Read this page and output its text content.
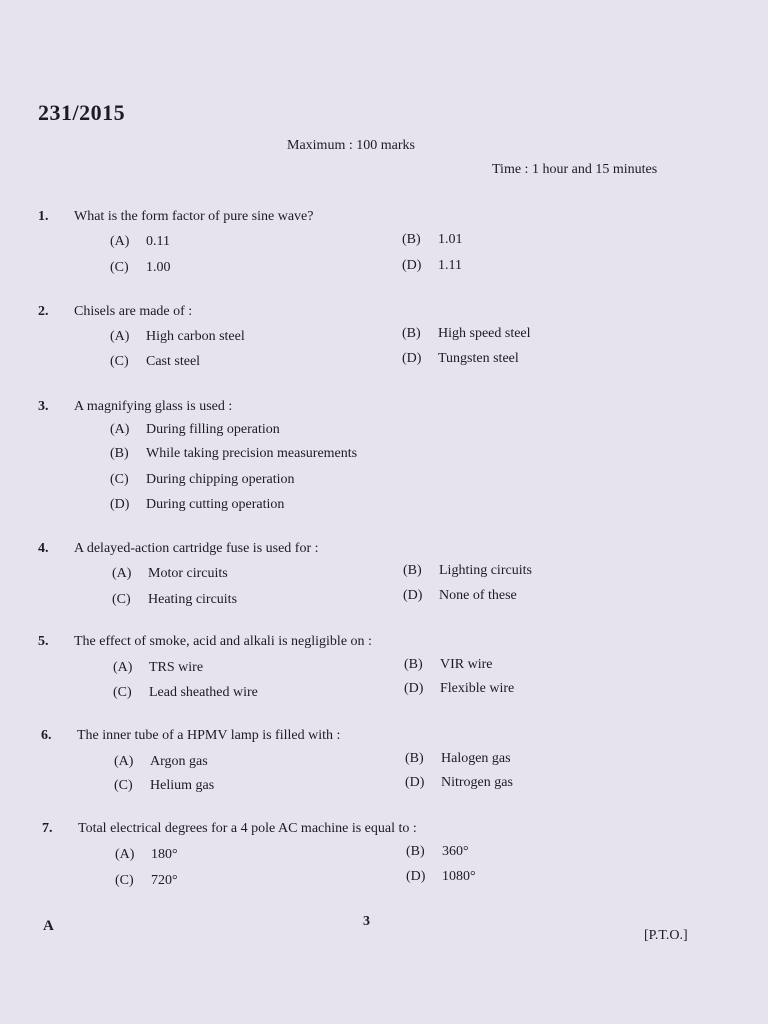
231/2015
Maximum : 100 marks
Time : 1 hour and 15 minutes
1. What is the form factor of pure sine wave?
(A) 0.11	(B) 1.01
(C) 1.00	(D) 1.11
2. Chisels are made of :
(A) High carbon steel	(B) High speed steel
(C) Cast steel	(D) Tungsten steel
3. A magnifying glass is used :
(A) During filling operation
(B) While taking precision measurements
(C) During chipping operation
(D) During cutting operation
4. A delayed-action cartridge fuse is used for :
(A) Motor circuits	(B) Lighting circuits
(C) Heating circuits	(D) None of these
5. The effect of smoke, acid and alkali is negligible on :
(A) TRS wire	(B) VIR wire
(C) Lead sheathed wire	(D) Flexible wire
6. The inner tube of a HPMV lamp is filled with :
(A) Argon gas	(B) Halogen gas
(C) Helium gas	(D) Nitrogen gas
7. Total electrical degrees for a 4 pole AC machine is equal to :
(A) 180°	(B) 360°
(C) 720°	(D) 1080°
A	3
[P.T.O.]
